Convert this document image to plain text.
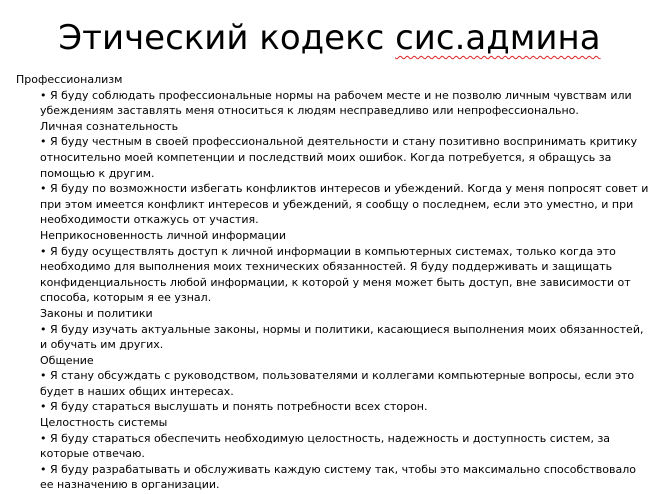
Этический кодекс сис.админа

Профессионализм

• Я буду соблюдать профессиональные нормы на рабочем месте и не позволю личным чувствам или убеждениям заставлять меня относиться к людям несправедливо или непрофессионально.

Личная сознательность

• Я буду честным в своей профессиональной деятельности и стану позитивно воспринимать критику относительно моей компетенции и последствий моих ошибок. Когда потребуется, я обращусь за помощью к другим.

• Я буду по возможности избегать конфликтов интересов и убеждений. Когда у меня попросят совет и при этом имеется конфликт интересов и убеждений, я сообщу о последнем, если это уместно, и при необходимости откажусь от участия.

Неприкосновенность личной информации

• Я буду осуществлять доступ к личной информации в компьютерных системах, только когда это необходимо для выполнения моих технических обязанностей. Я буду поддерживать и защищать конфиденциальность любой информации, к которой у меня может быть доступ, вне зависимости от способа, которым я ее узнал.

Законы и политики

• Я буду изучать актуальные законы, нормы и политики, касающиеся выполнения моих обязанностей, и обучать им других.

Общение

• Я стану обсуждать с руководством, пользователями и коллегами компьютерные вопросы, если это будет в наших общих интересах.

• Я буду стараться выслушать и понять потребности всех сторон.

Целостность системы

• Я буду стараться обеспечить необходимую целостность, надежность и доступность систем, за которые отвечаю.

• Я буду разрабатывать и обслуживать каждую систему так, чтобы это максимально способствовало ее назначению в организации.
